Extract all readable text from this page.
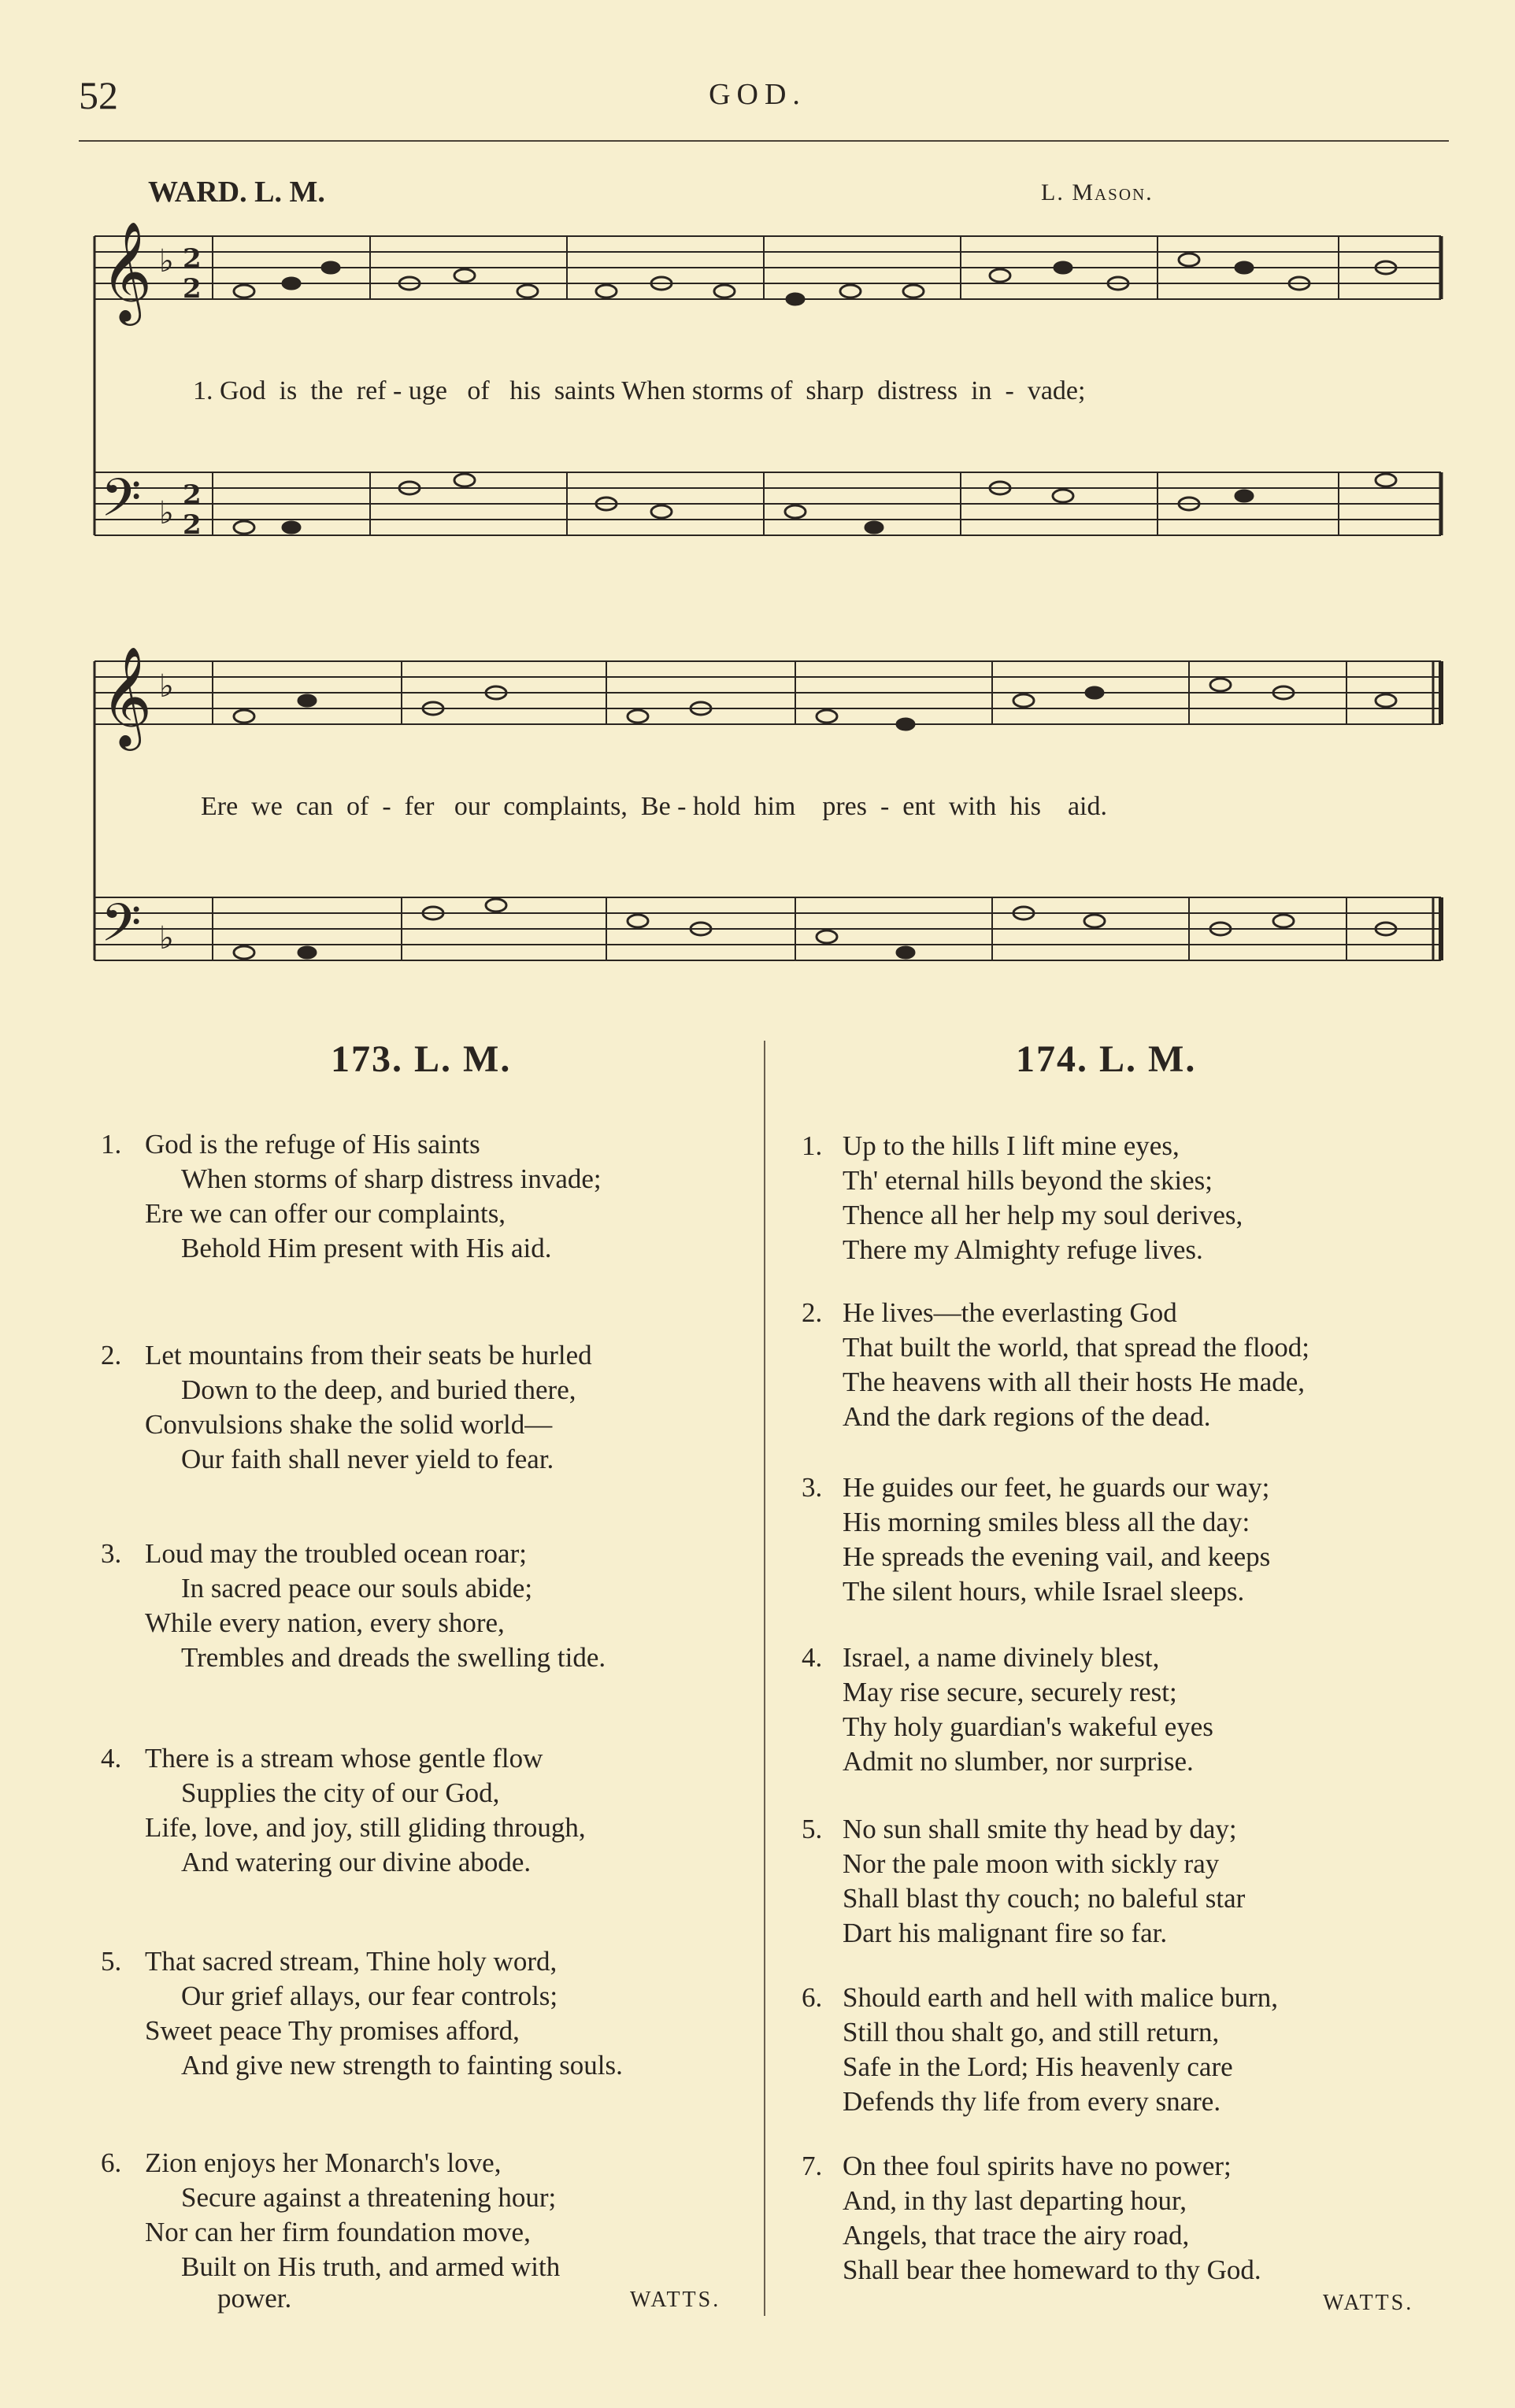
52	GOD.
WARD. L. M.	L. Mason.
𝄞
𝄢
𝄞
𝄢
♭ 2
2
♭ 2
2
♭
♭
1. God  is  the  ref - uge   of   his  saints When storms of  sharp  distress  in  -  vade;
Ere  we  can  of  -  fer   our  complaints,  Be - hold  him    pres  -  ent  with  his    aid.
173. L. M.	174. L. M.
1. God is the refuge of His saints
When storms of sharp distress invade;
Ere we can offer our complaints,
Behold Him present with His aid.
2. Let mountains from their seats be hurled
Down to the deep, and buried there,
Convulsions shake the solid world—
Our faith shall never yield to fear.
3. Loud may the troubled ocean roar;
In sacred peace our souls abide;
While every nation, every shore,
Trembles and dreads the swelling tide.
4. There is a stream whose gentle flow
Supplies the city of our God,
Life, love, and joy, still gliding through,
And watering our divine abode.
5. That sacred stream, Thine holy word,
Our grief allays, our fear controls;
Sweet peace Thy promises afford,
And give new strength to fainting souls.
6. Zion enjoys her Monarch's love,
Secure against a threatening hour;
Nor can her firm foundation move,
Built on His truth, and armed with
power.	WATTS.
1. Up to the hills I lift mine eyes,
Th' eternal hills beyond the skies;
Thence all her help my soul derives,
There my Almighty refuge lives.
2. He lives—the everlasting God
That built the world, that spread the flood;
The heavens with all their hosts He made,
And the dark regions of the dead.
3. He guides our feet, he guards our way;
His morning smiles bless all the day:
He spreads the evening vail, and keeps
The silent hours, while Israel sleeps.
4. Israel, a name divinely blest,
May rise secure, securely rest;
Thy holy guardian's wakeful eyes
Admit no slumber, nor surprise.
5. No sun shall smite thy head by day;
Nor the pale moon with sickly ray
Shall blast thy couch; no baleful star
Dart his malignant fire so far.
6. Should earth and hell with malice burn,
Still thou shalt go, and still return,
Safe in the Lord; His heavenly care
Defends thy life from every snare.
7. On thee foul spirits have no power;
And, in thy last departing hour,
Angels, that trace the airy road,
Shall bear thee homeward to thy God.
WATTS.
